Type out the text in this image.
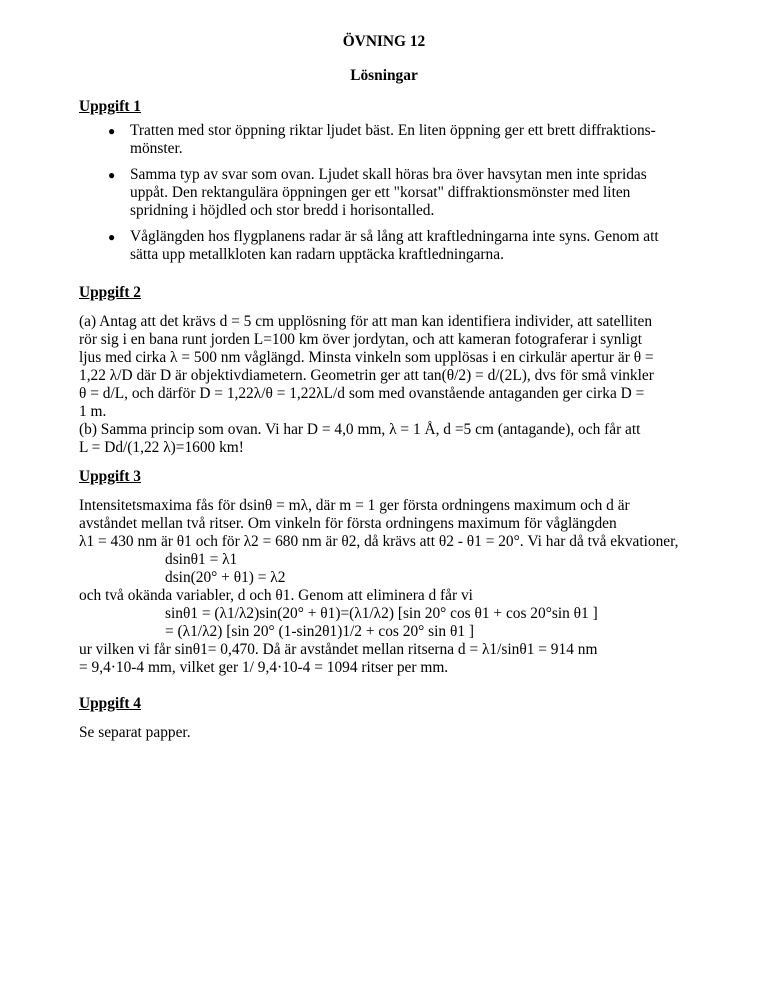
ÖVNING 12
Lösningar
Uppgift 1
● Tratten med stor öppning riktar ljudet bäst. En liten öppning ger ett brett diffraktions-
mönster.
● Samma typ av svar som ovan. Ljudet skall höras bra över havsytan men inte spridas
uppåt. Den rektangulära öppningen ger ett "korsat" diffraktionsmönster med liten
spridning i höjdled och stor bredd i horisontalled.
● Våglängden hos flygplanens radar är så lång att kraftledningarna inte syns. Genom att
sätta upp metallkloten kan radarn upptäcka kraftledningarna.
Uppgift 2
(a) Antag att det krävs d = 5 cm upplösning för att man kan identifiera individer, att satelliten
rör sig i en bana runt jorden L=100 km över jordytan, och att kameran fotograferar i synligt
ljus med cirka λ = 500 nm våglängd. Minsta vinkeln som upplösas i en cirkulär apertur är θ =
1,22 λ/D där D är objektivdiametern. Geometrin ger att tan(θ/2) = d/(2L), dvs för små vinkler
θ = d/L, och därför D = 1,22λ/θ = 1,22λL/d som med ovanstående antaganden ger cirka D =
1 m.
(b) Samma princip som ovan. Vi har D = 4,0 mm, λ = 1 Å, d =5 cm (antagande), och får att
L = Dd/(1,22 λ)=1600 km!
Uppgift 3
Intensitetsmaxima fås för dsinθ = mλ, där m = 1 ger första ordningens maximum och d är
avståndet mellan två ritser. Om vinkeln för första ordningens maximum för våglängden
λ1 = 430 nm är θ1 och för λ2 = 680 nm är θ2, då krävs att θ2 - θ1 = 20°. Vi har då två ekvationer,
dsinθ1 = λ1
dsin(20° + θ1) = λ2
och två okända variabler, d och θ1. Genom att eliminera d får vi
sinθ1 = (λ1/λ2)sin(20° + θ1)=(λ1/λ2) [sin 20° cos θ1 + cos 20°sin θ1 ]
= (λ1/λ2) [sin 20° (1-sin2θ1)1/2 + cos 20° sin θ1 ]
ur vilken vi får sinθ1= 0,470. Då är avståndet mellan ritserna d = λ1/sinθ1 = 914 nm
= 9,4·10-4 mm, vilket ger 1/ 9,4·10-4 = 1094 ritser per mm.
Uppgift 4
Se separat papper.
